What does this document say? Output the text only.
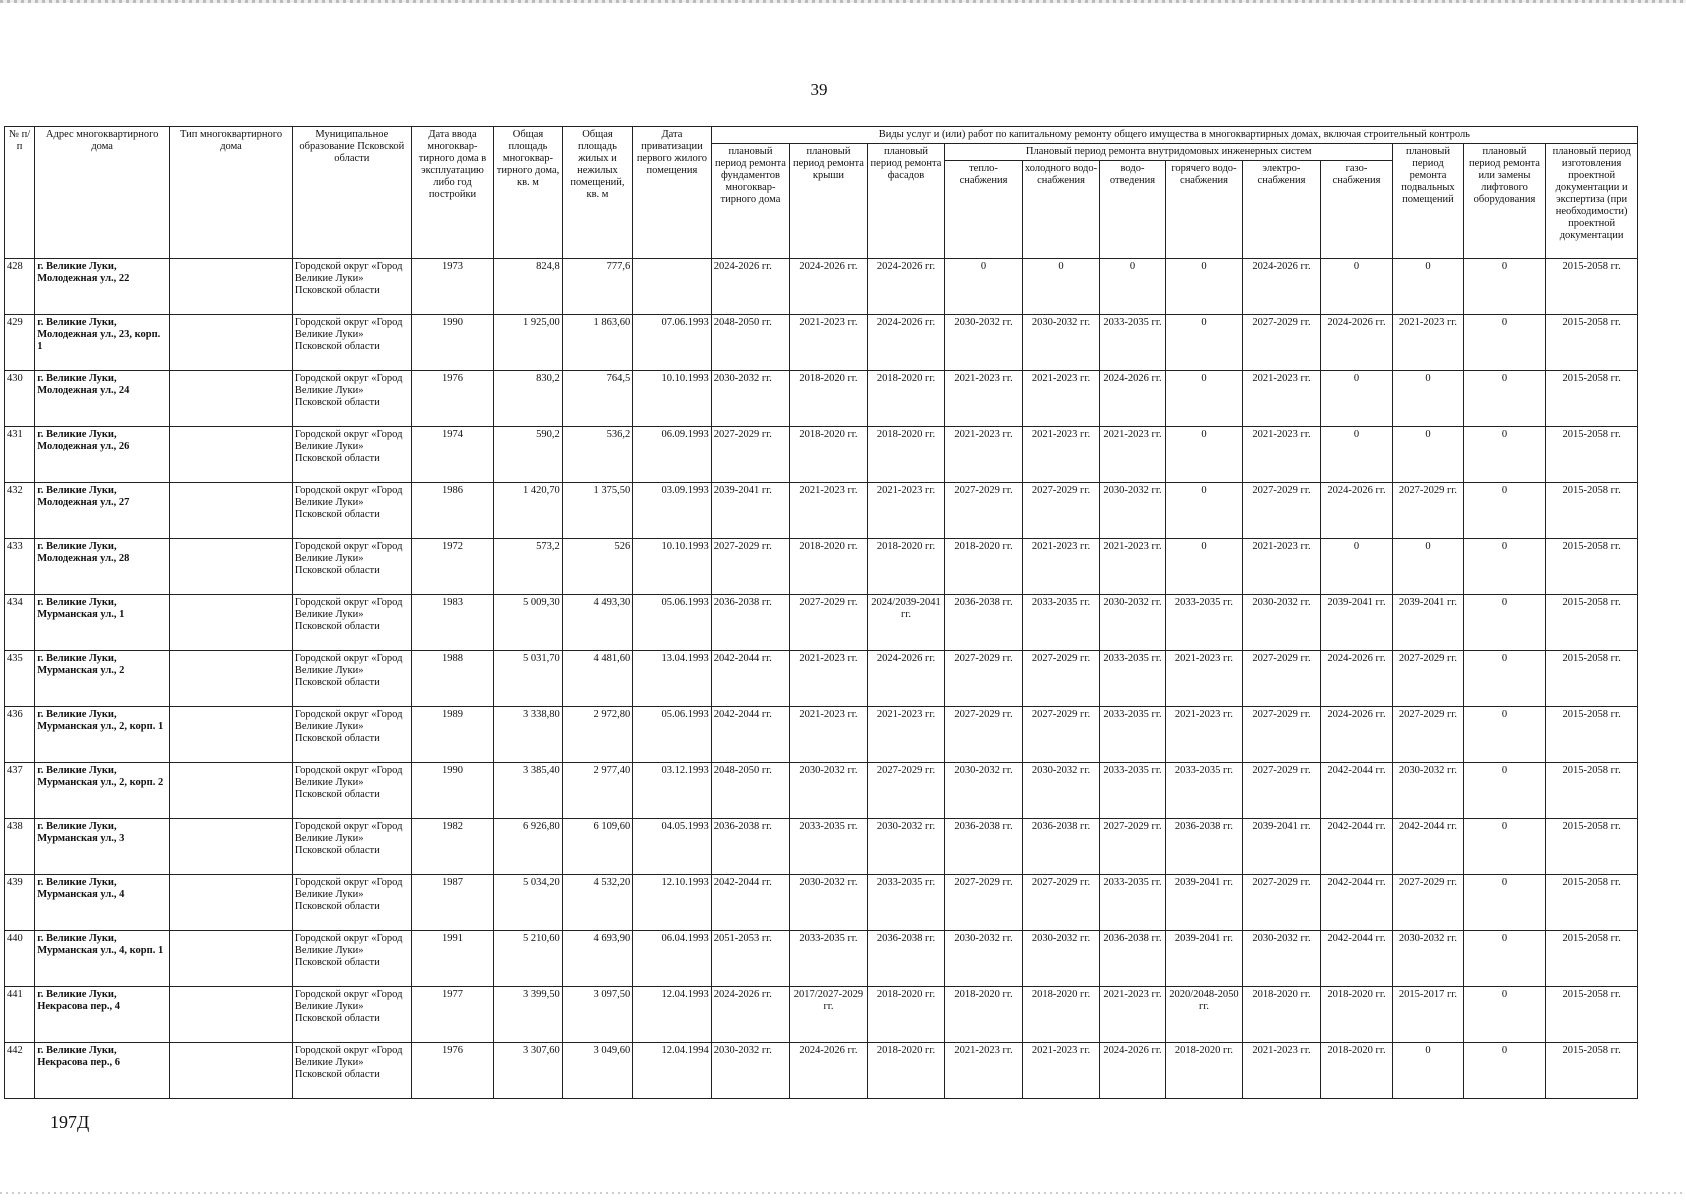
39
№ п/п	Адрес многоквартирного дома	Тип многоквартирного дома	Муниципальное образование Псковской области	Дата ввода многоквар-тирного дома в эксплуатацию либо год постройки	Общая площадь многоквар-тирного дома, кв. м	Общая площадь жилых и нежилых помещений, кв. м	Дата приватизации первого жилого помещения	Виды услуг и (или) работ по капитальному ремонту общего имущества в многоквартирных домах, включая строительный контроль											
								плановый период ремонта фундаментов многоквар-тирного дома	плановый период ремонта крыши	плановый период ремонта фасадов	Плановый период ремонта внутридомовых инженерных систем						плановый период ремонта подвальных помещений	плановый период ремонта или замены лифтового оборудования	плановый период изготовления проектной документации и экспертиза (при необходимости) проектной документации
											тепло-снабжения	холодного водо-снабжения	водо-отведения	горячего водо-снабжения	электро-снабжения	газо-снабжения			
428	г. Великие Луки, Молодежная ул., 22		Городской округ «Город Великие Луки» Псковской области	1973	824,8	777,6		2024-2026 гг.	2024-2026 гг.	2024-2026 гг.	0	0	0	0	2024-2026 гг.	0	0	0	2015-2058 гг.
429	г. Великие Луки, Молодежная ул., 23, корп. 1		Городской округ «Город Великие Луки» Псковской области	1990	1 925,00	1 863,60	07.06.1993	2048-2050 гг.	2021-2023 гг.	2024-2026 гг.	2030-2032 гг.	2030-2032 гг.	2033-2035 гг.	0	2027-2029 гг.	2024-2026 гг.	2021-2023 гг.	0	2015-2058 гг.
430	г. Великие Луки, Молодежная ул., 24		Городской округ «Город Великие Луки» Псковской области	1976	830,2	764,5	10.10.1993	2030-2032 гг.	2018-2020 гг.	2018-2020 гг.	2021-2023 гг.	2021-2023 гг.	2024-2026 гг.	0	2021-2023 гг.	0	0	0	2015-2058 гг.
431	г. Великие Луки, Молодежная ул., 26		Городской округ «Город Великие Луки» Псковской области	1974	590,2	536,2	06.09.1993	2027-2029 гг.	2018-2020 гг.	2018-2020 гг.	2021-2023 гг.	2021-2023 гг.	2021-2023 гг.	0	2021-2023 гг.	0	0	0	2015-2058 гг.
432	г. Великие Луки, Молодежная ул., 27		Городской округ «Город Великие Луки» Псковской области	1986	1 420,70	1 375,50	03.09.1993	2039-2041 гг.	2021-2023 гг.	2021-2023 гг.	2027-2029 гг.	2027-2029 гг.	2030-2032 гг.	0	2027-2029 гг.	2024-2026 гг.	2027-2029 гг.	0	2015-2058 гг.
433	г. Великие Луки, Молодежная ул., 28		Городской округ «Город Великие Луки» Псковской области	1972	573,2	526	10.10.1993	2027-2029 гг.	2018-2020 гг.	2018-2020 гг.	2018-2020 гг.	2021-2023 гг.	2021-2023 гг.	0	2021-2023 гг.	0	0	0	2015-2058 гг.
434	г. Великие Луки, Мурманская ул., 1		Городской округ «Город Великие Луки» Псковской области	1983	5 009,30	4 493,30	05.06.1993	2036-2038 гг.	2027-2029 гг.	2024/2039-2041 гг.	2036-2038 гг.	2033-2035 гг.	2030-2032 гг.	2033-2035 гг.	2030-2032 гг.	2039-2041 гг.	2039-2041 гг.	0	2015-2058 гг.
435	г. Великие Луки, Мурманская ул., 2		Городской округ «Город Великие Луки» Псковской области	1988	5 031,70	4 481,60	13.04.1993	2042-2044 гг.	2021-2023 гг.	2024-2026 гг.	2027-2029 гг.	2027-2029 гг.	2033-2035 гг.	2021-2023 гг.	2027-2029 гг.	2024-2026 гг.	2027-2029 гг.	0	2015-2058 гг.
436	г. Великие Луки, Мурманская ул., 2, корп. 1		Городской округ «Город Великие Луки» Псковской области	1989	3 338,80	2 972,80	05.06.1993	2042-2044 гг.	2021-2023 гг.	2021-2023 гг.	2027-2029 гг.	2027-2029 гг.	2033-2035 гг.	2021-2023 гг.	2027-2029 гг.	2024-2026 гг.	2027-2029 гг.	0	2015-2058 гг.
437	г. Великие Луки, Мурманская ул., 2, корп. 2		Городской округ «Город Великие Луки» Псковской области	1990	3 385,40	2 977,40	03.12.1993	2048-2050 гг.	2030-2032 гг.	2027-2029 гг.	2030-2032 гг.	2030-2032 гг.	2033-2035 гг.	2033-2035 гг.	2027-2029 гг.	2042-2044 гг.	2030-2032 гг.	0	2015-2058 гг.
438	г. Великие Луки, Мурманская ул., 3		Городской округ «Город Великие Луки» Псковской области	1982	6 926,80	6 109,60	04.05.1993	2036-2038 гг.	2033-2035 гг.	2030-2032 гг.	2036-2038 гг.	2036-2038 гг.	2027-2029 гг.	2036-2038 гг.	2039-2041 гг.	2042-2044 гг.	2042-2044 гг.	0	2015-2058 гг.
439	г. Великие Луки, Мурманская ул., 4		Городской округ «Город Великие Луки» Псковской области	1987	5 034,20	4 532,20	12.10.1993	2042-2044 гг.	2030-2032 гг.	2033-2035 гг.	2027-2029 гг.	2027-2029 гг.	2033-2035 гг.	2039-2041 гг.	2027-2029 гг.	2042-2044 гг.	2027-2029 гг.	0	2015-2058 гг.
440	г. Великие Луки, Мурманская ул., 4, корп. 1		Городской округ «Город Великие Луки» Псковской области	1991	5 210,60	4 693,90	06.04.1993	2051-2053 гг.	2033-2035 гг.	2036-2038 гг.	2030-2032 гг.	2030-2032 гг.	2036-2038 гг.	2039-2041 гг.	2030-2032 гг.	2042-2044 гг.	2030-2032 гг.	0	2015-2058 гг.
441	г. Великие Луки, Некрасова пер., 4		Городской округ «Город Великие Луки» Псковской области	1977	3 399,50	3 097,50	12.04.1993	2024-2026 гг.	2017/2027-2029 гг.	2018-2020 гг.	2018-2020 гг.	2018-2020 гг.	2021-2023 гг.	2020/2048-2050 гг.	2018-2020 гг.	2018-2020 гг.	2015-2017 гг.	0	2015-2058 гг.
442	г. Великие Луки, Некрасова пер., 6		Городской округ «Город Великие Луки» Псковской области	1976	3 307,60	3 049,60	12.04.1994	2030-2032 гг.	2024-2026 гг.	2018-2020 гг.	2021-2023 гг.	2021-2023 гг.	2024-2026 гг.	2018-2020 гг.	2021-2023 гг.	2018-2020 гг.	0	0	2015-2058 гг.
197Д
